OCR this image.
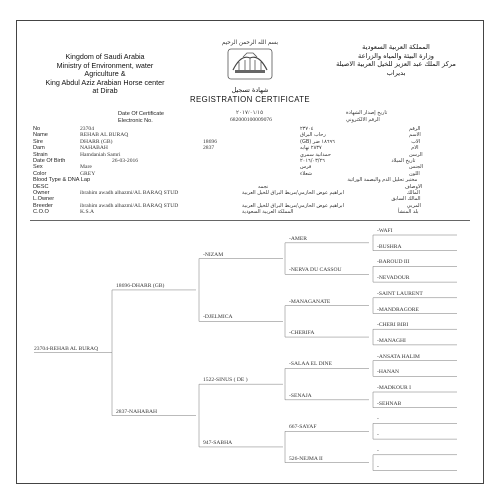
Kingdom of Saudi Arabia
Ministry of Environment, water
Agriculture &
King Abdul Aziz Arabian Horse center
at Dirab
المملكة العربية السعودية
وزارة البيئة والمياه والزراعة
مركز الملك عبد العزيز للخيل العربية الاصيلة
بديراب
بسم الله الرحمن الرحيم
شهادة تسجيل
REGISTRATION CERTIFICATE
Date Of Certificate	٢٠١٧/٠١/١٥	تاريخ إصدار الشهادة
Electronic No.	682000100009076	الرقم الالكتروني
No	23704	٢٣٧٠٤	الرقم
Name	REHAB AL BURAQ	رحاب البراق	الاسم
Sire	DHARR (GB)	18696	١٨٦٩٦ ضر (GB)	الاب
Dam	NAHABAH	2837	٢٨٣٧ نهابه	الام
Strain	Hamdaniah Samri	حمدانية سمري	الرسن
Date Of Birth	26-03-2016	٢٠١٦/٠٣/٢٦	تاريخ الميلاد
Sex	Mare	فرس	الجنس
Color	GREY	شعلاء	اللون
Blood Type & DNA Lap	مختبر تحليل الدم والبصمة الوراثية
DESC	نجمه	الاوصاف
Owner	ibrahim awadh alhazmi/AL BARAQ STUD	ابراهيم عوض الحازمي/مربط البراق للخيل العربية	المالك
L.Owner	المالك السابق
Breeder	ibrahim awadh alhazmi/AL BARAQ STUD	ابراهيم عوض الحازمي/مربط البراق للخيل العربية	المربي
C.O.O	K.S.A	المملكة العربية السعودية	بلد المنشأ
23704-REHAB AL BURAQ
18696-DHARR (GB)
2837-NAHABAH
-NIZAM
-DJELMICA
1522-SINUS ( DE )
947-SABHA
-AMER
-NERVA DU CASSOU
-MANAGANATE
-CHERIFA
-SALAA EL DINE
-SENAJA
667-SAYAF
526-NEJMA II
-WAFI
-BUSHRA
-BAROUD III
-NEVADOUR
-SAINT LAURENT
-MANDRAGORE
-CHERI BIBI
-MANAGHI
-ANSATA HALIM
-HANAN
-MADKOUR I
-SEHNAB
-
-
-
-
